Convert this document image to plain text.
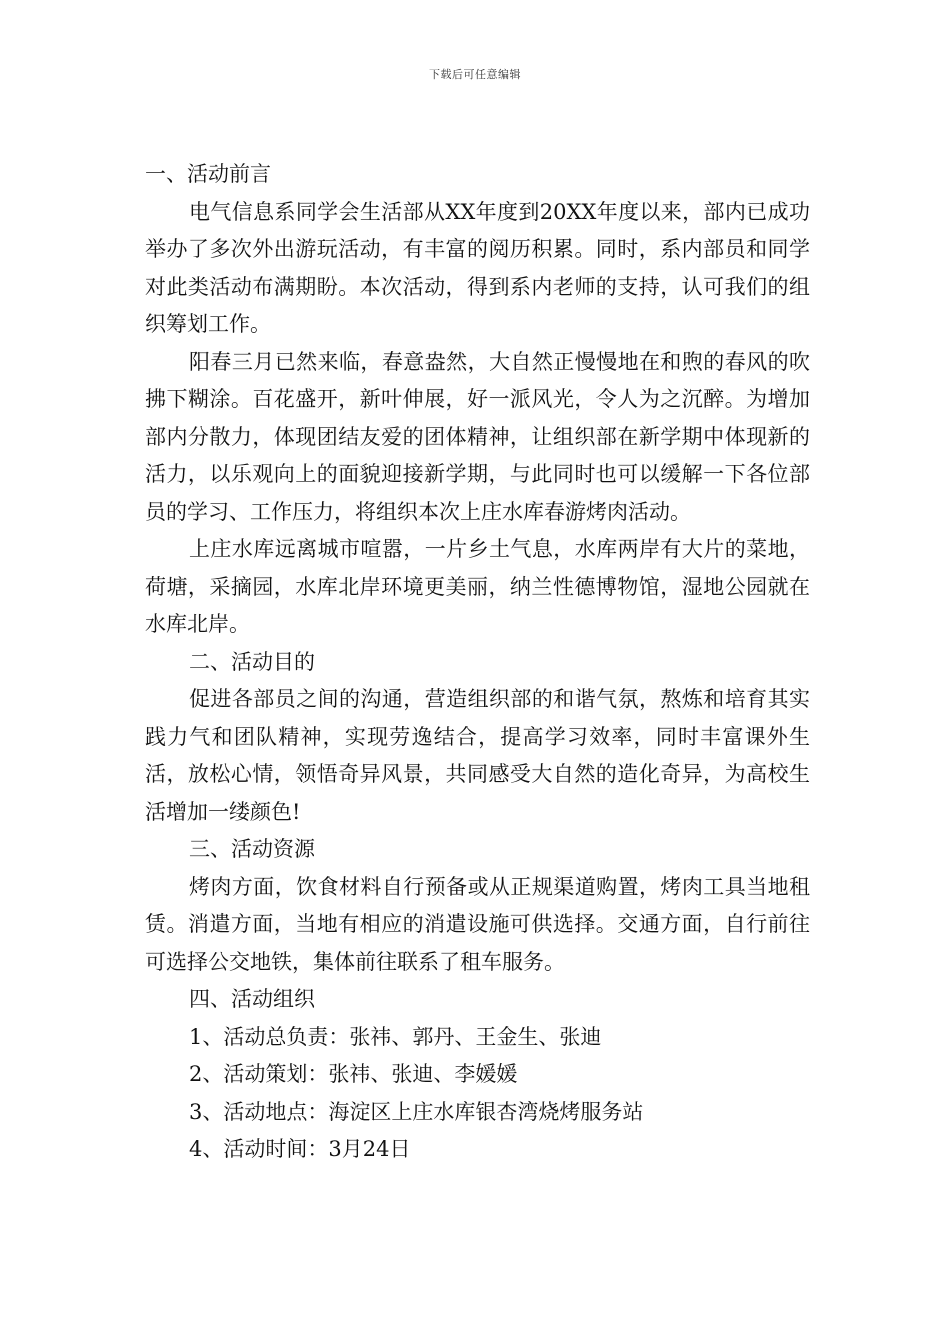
下载后可任意编辑

一、活动前言

电气信息系同学会生活部从XX年度到20XX年度以来，部内已成功举办了多次外出游玩活动，有丰富的阅历积累。同时，系内部员和同学对此类活动布满期盼。本次活动，得到系内老师的支持，认可我们的组织筹划工作。

阳春三月已然来临，春意盎然，大自然正慢慢地在和煦的春风的吹拂下糊涂。百花盛开，新叶伸展，好一派风光，令人为之沉醉。为增加部内分散力，体现团结友爱的团体精神，让组织部在新学期中体现新的活力，以乐观向上的面貌迎接新学期，与此同时也可以缓解一下各位部员的学习、工作压力，将组织本次上庄水库春游烤肉活动。

上庄水库远离城市喧嚣，一片乡土气息，水库两岸有大片的菜地，荷塘，采摘园，水库北岸环境更美丽，纳兰性德博物馆，湿地公园就在水库北岸。

二、活动目的

促进各部员之间的沟通，营造组织部的和谐气氛，熬炼和培育其实践力气和团队精神，实现劳逸结合，提高学习效率，同时丰富课外生活，放松心情，领悟奇异风景，共同感受大自然的造化奇异，为高校生活增加一缕颜色!

三、活动资源

烤肉方面，饮食材料自行预备或从正规渠道购置，烤肉工具当地租赁。消遣方面，当地有相应的消遣设施可供选择。交通方面，自行前往可选择公交地铁，集体前往联系了租车服务。

四、活动组织

1、活动总负责：张祎、郭丹、王金生、张迪

2、活动策划：张祎、张迪、李媛媛

3、活动地点：海淀区上庄水库银杏湾烧烤服务站

4、活动时间：3月24日
